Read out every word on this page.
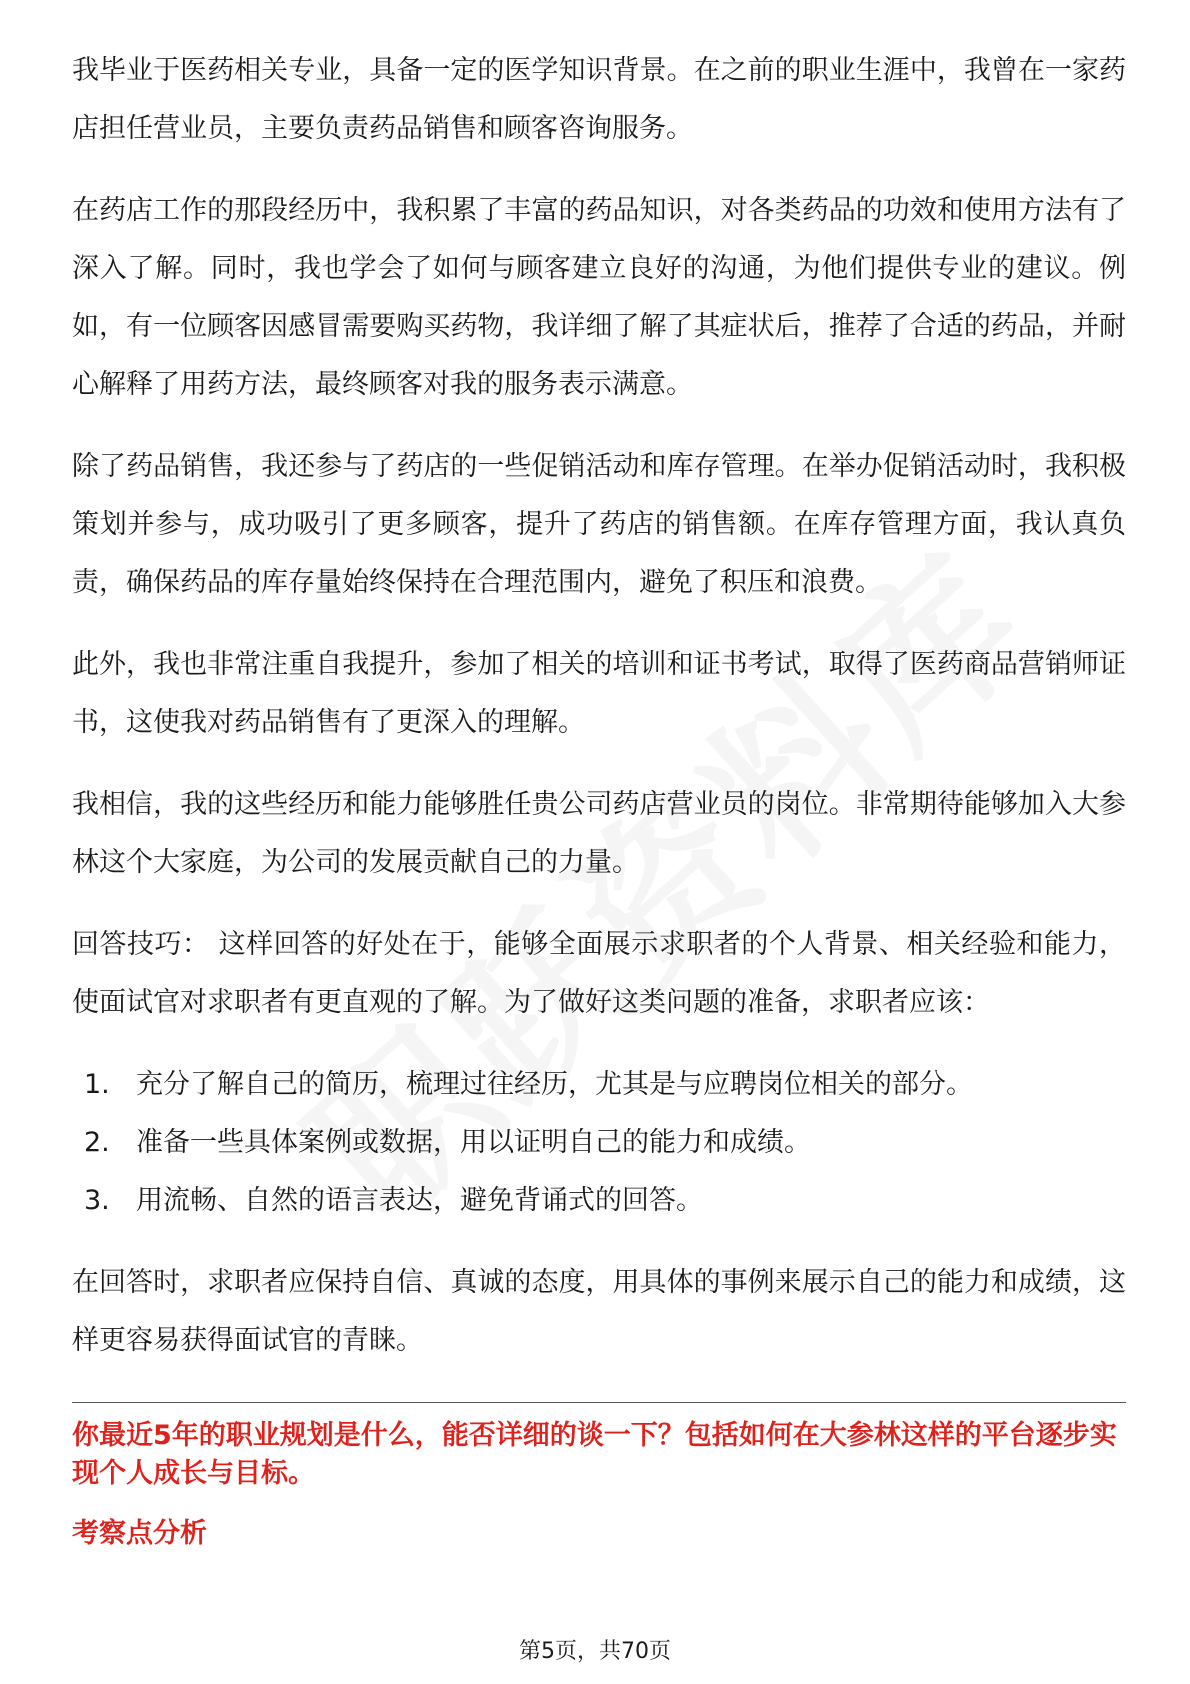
我毕业于医药相关专业，具备一定的医学知识背景。在之前的职业生涯中，我曾在一家药店担任营业员，主要负责药品销售和顾客咨询服务。

在药店工作的那段经历中，我积累了丰富的药品知识，对各类药品的功效和使用方法有了深入了解。同时，我也学会了如何与顾客建立良好的沟通，为他们提供专业的建议。例如，有一位顾客因感冒需要购买药物，我详细了解了其症状后，推荐了合适的药品，并耐心解释了用药方法，最终顾客对我的服务表示满意。

除了药品销售，我还参与了药店的一些促销活动和库存管理。在举办促销活动时，我积极策划并参与，成功吸引了更多顾客，提升了药店的销售额。在库存管理方面，我认真负责，确保药品的库存量始终保持在合理范围内，避免了积压和浪费。

此外，我也非常注重自我提升，参加了相关的培训和证书考试，取得了医药商品营销师证书，这使我对药品销售有了更深入的理解。

我相信，我的这些经历和能力能够胜任贵公司药店营业员的岗位。非常期待能够加入大参林这个大家庭，为公司的发展贡献自己的力量。

回答技巧： 这样回答的好处在于，能够全面展示求职者的个人背景、相关经验和能力，使面试官对求职者有更直观的了解。为了做好这类问题的准备，求职者应该：

1. 充分了解自己的简历，梳理过往经历，尤其是与应聘岗位相关的部分。
2. 准备一些具体案例或数据，用以证明自己的能力和成绩。
3. 用流畅、自然的语言表达，避免背诵式的回答。

在回答时，求职者应保持自信、真诚的态度，用具体的事例来展示自己的能力和成绩，这样更容易获得面试官的青睐。

你最近5年的职业规划是什么，能否详细的谈一下？包括如何在大参林这样的平台逐步实现个人成长与目标。

考察点分析

第5页，共70页
